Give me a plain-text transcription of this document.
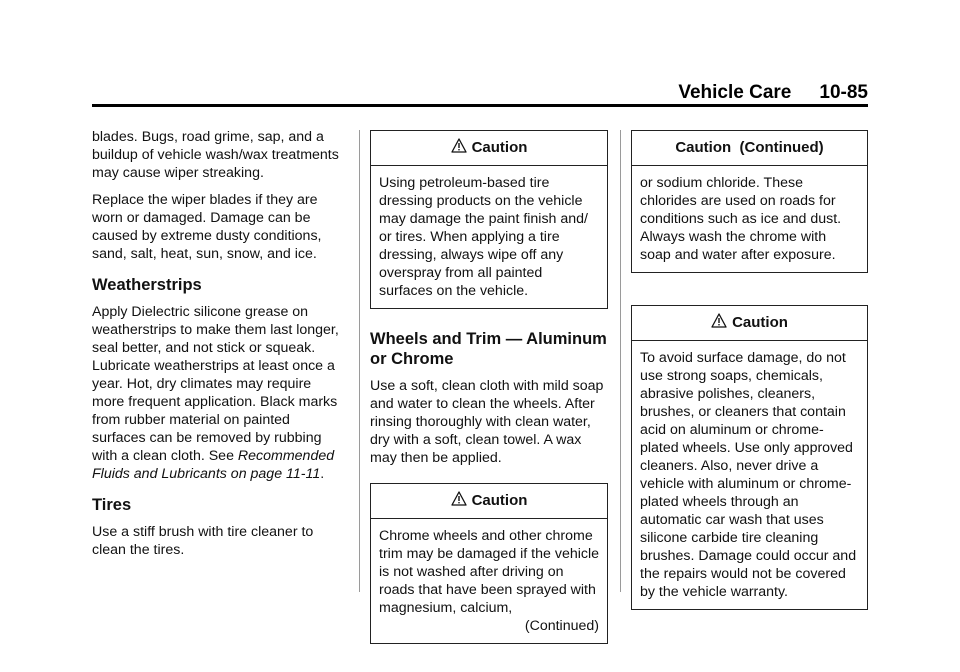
Vehicle Care 10-85

blades. Bugs, road grime, sap, and a buildup of vehicle wash/wax treatments may cause wiper streaking.

Replace the wiper blades if they are worn or damaged. Damage can be caused by extreme dusty conditions, sand, salt, heat, sun, snow, and ice.

Weatherstrips

Apply Dielectric silicone grease on weatherstrips to make them last longer, seal better, and not stick or squeak. Lubricate weatherstrips at least once a year. Hot, dry climates may require more frequent application. Black marks from rubber material on painted surfaces can be removed by rubbing with a clean cloth. See Recommended Fluids and Lubricants on page 11-11.

Tires

Use a stiff brush with tire cleaner to clean the tires.

Caution

Using petroleum-based tire dressing products on the vehicle may damage the paint finish and/ or tires. When applying a tire dressing, always wipe off any overspray from all painted surfaces on the vehicle.

Wheels and Trim — Aluminum or Chrome

Use a soft, clean cloth with mild soap and water to clean the wheels. After rinsing thoroughly with clean water, dry with a soft, clean towel. A wax may then be applied.

Caution

Chrome wheels and other chrome trim may be damaged if the vehicle is not washed after driving on roads that have been sprayed with magnesium, calcium,

(Continued)

Caution  (Continued)

or sodium chloride. These chlorides are used on roads for conditions such as ice and dust. Always wash the chrome with soap and water after exposure.

Caution

To avoid surface damage, do not use strong soaps, chemicals, abrasive polishes, cleaners, brushes, or cleaners that contain acid on aluminum or chrome-plated wheels. Use only approved cleaners. Also, never drive a vehicle with aluminum or chrome-plated wheels through an automatic car wash that uses silicone carbide tire cleaning brushes. Damage could occur and the repairs would not be covered by the vehicle warranty.
